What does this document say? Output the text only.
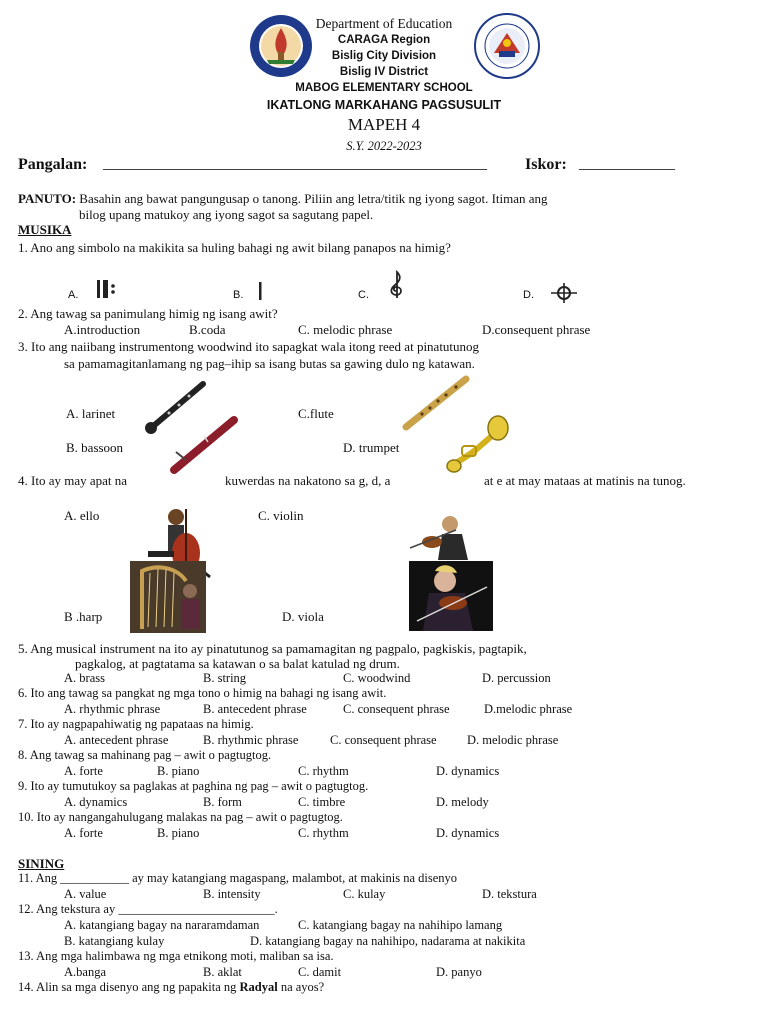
Department of Education
CARAGA Region
Bislig City Division
Bislig IV District
MABOG ELEMENTARY SCHOOL
IKATLONG MARKAHANG PAGSUSULIT
MAPEH 4
S.Y. 2022-2023
Pangalan: ________________________________________________ Iskor: ____________
PANUTO: Basahin ang bawat pangungusap o tanong. Piliin ang letra/titik ng iyong sagot. Itiman ang
bilog upang matukoy ang iyong sagot sa sagutang papel.
MUSIKA
1. Ano ang simbolo na makikita sa huling bahagi ng awit bilang panapos na himig?
A.	B.	C.	D.
2. Ang tawag sa panimulang himig ng isang awit?
A.introduction	B.coda	C. melodic phrase	D.consequent phrase
3. Ito ang naiibang instrumentong woodwind ito sapagkat wala itong reed at pinatutunog
sa pamamagitanlamang ng pag–ihip sa isang butas sa gawing dulo ng katawan.
A. larinet	C.flute
B. bassoon	D. trumpet
4. Ito ay may apat na	kuwerdas na nakatono sa g, d, a	at e at may mataas at matinis na tunog.
A. ello	C. violin
B .harp	D. viola
5. Ang musical instrument na ito ay pinatutunog sa pamamagitan ng pagpalo, pagkiskis, pagtapik,
pagkalog, at pagtatama sa katawan o sa balat katulad ng drum.
A. brass	B. string	C. woodwind	D. percussion
6. Ito ang tawag sa pangkat ng mga tono o himig na bahagi ng isang awit.
A. rhythmic phrase	B. antecedent phrase	C. consequent phrase	D.melodic phrase
7. Ito ay nagpapahiwatig ng papataas na himig.
A. antecedent phrase	B. rhythmic phrase	C. consequent phrase D. melodic phrase
8. Ang tawag sa mahinang pag – awit o pagtugtog.
A. forte	B. piano	C. rhythm	D. dynamics
9. Ito ay tumutukoy sa paglakas at paghina ng pag – awit o pagtugtog.
A. dynamics	B. form	C. timbre	D. melody
10. Ito ay nangangahulugang malakas na pag – awit o pagtugtog.
A. forte	B. piano	C. rhythm	D. dynamics
SINING
11. Ang ___________ ay may katangiang magaspang, malambot, at makinis na disenyo
A. value	B. intensity	C. kulay	D. tekstura
12. Ang tekstura ay _________________________.
A. katangiang bagay na nararamdaman	C. katangiang bagay na nahihipo lamang
B. katangiang kulay	D. katangiang bagay na nahihipo, nadarama at nakikita
13. Ang mga halimbawa ng mga etnikong moti, maliban sa isa.
A.banga	B. aklat	C. damit	D. panyo
14. Alin sa mga disenyo ang ng papakita ng Radyal na ayos?
